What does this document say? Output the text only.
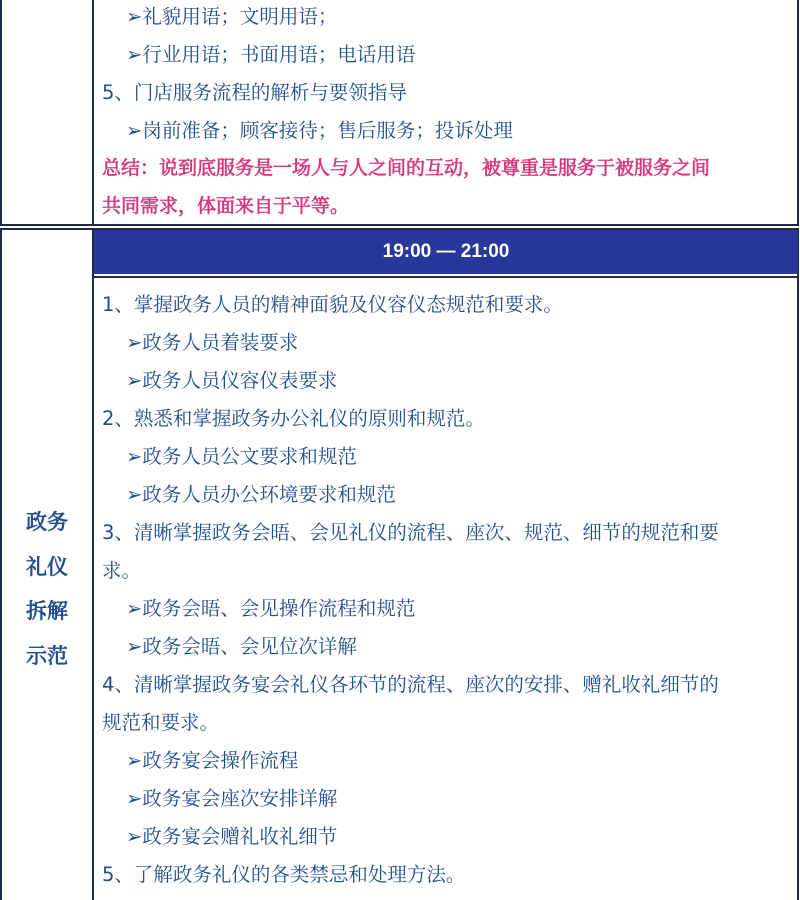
➢礼貌用语；文明用语；
➢行业用语；书面用语；电话用语
5、门店服务流程的解析与要领指导
➢岗前准备；顾客接待；售后服务；投诉处理
总结：说到底服务是一场人与人之间的互动，被尊重是服务于被服务之间
共同需求，体面来自于平等。
19:00 — 21:00
政务
礼仪
拆解
示范
1、掌握政务人员的精神面貌及仪容仪态规范和要求。
➢政务人员着装要求
➢政务人员仪容仪表要求
2、熟悉和掌握政务办公礼仪的原则和规范。
➢政务人员公文要求和规范
➢政务人员办公环境要求和规范
3、清晰掌握政务会晤、会见礼仪的流程、座次、规范、细节的规范和要
求。
➢政务会晤、会见操作流程和规范
➢政务会晤、会见位次详解
4、清晰掌握政务宴会礼仪各环节的流程、座次的安排、赠礼收礼细节的
规范和要求。
➢政务宴会操作流程
➢政务宴会座次安排详解
➢政务宴会赠礼收礼细节
5、了解政务礼仪的各类禁忌和处理方法。
